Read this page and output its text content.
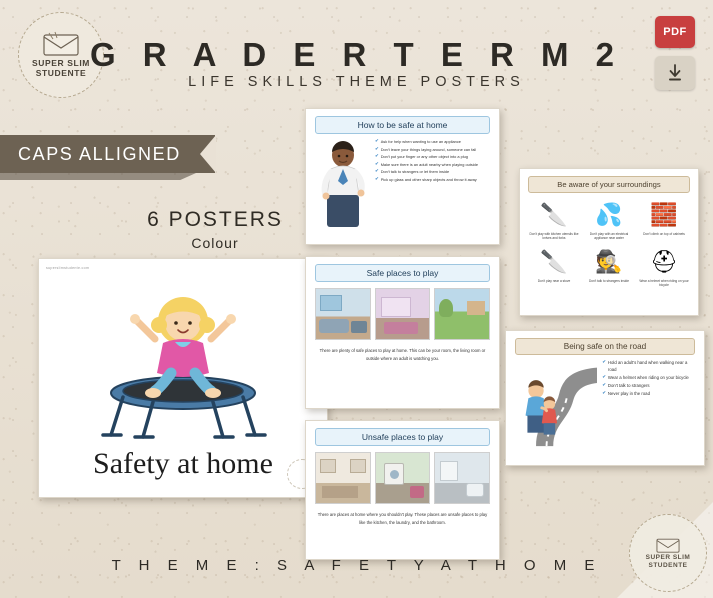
SUPER SLIM
STUDENTE
PDF
G R A D E R T E R M 2
LIFE SKILLS THEME POSTERS
CAPS ALLIGNED
6 POSTERS
Colour
superslimstudente.com
Safety at home
How to be safe at home
✔ Ask for help when wanting to use an appliance
✔ Don't leave your things laying around, someone can fall
✔ Don't put your finger or any other object into a plug
✔ Make sure there is an adult nearby when playing outside
✔ Don't talk to strangers or let them inside
✔ Pick up glass and other sharp objects and throw it away
Be aware of your surroundings
🔪
Don't play with kitchen utensils like knives and forks
💦
Don't play with an electrical appliance near water
🧱
Don't climb on top of cabinets
🔪
Don't play near a stove
🕵
Don't talk to strangers inside
⛑
Wear a helmet when riding on your bicycle
Safe places to play
There are plenty of safe places to play at home. This can be your room, the living room or outside where an adult is watching you.
Unsafe places to play
There are places at home where you shouldn't play. These places are unsafe places to play like the kitchen, the laundry, and the bathroom.
Being safe on the road
✔ Hold an adult's hand when walking near a road
✔ Wear a helmet when riding on your bicycle
✔ Don't talk to strangers
✔ Never play in the road
T H E M E : S A F E T Y A T H O M E	SUPER SLIM
STUDENTE
